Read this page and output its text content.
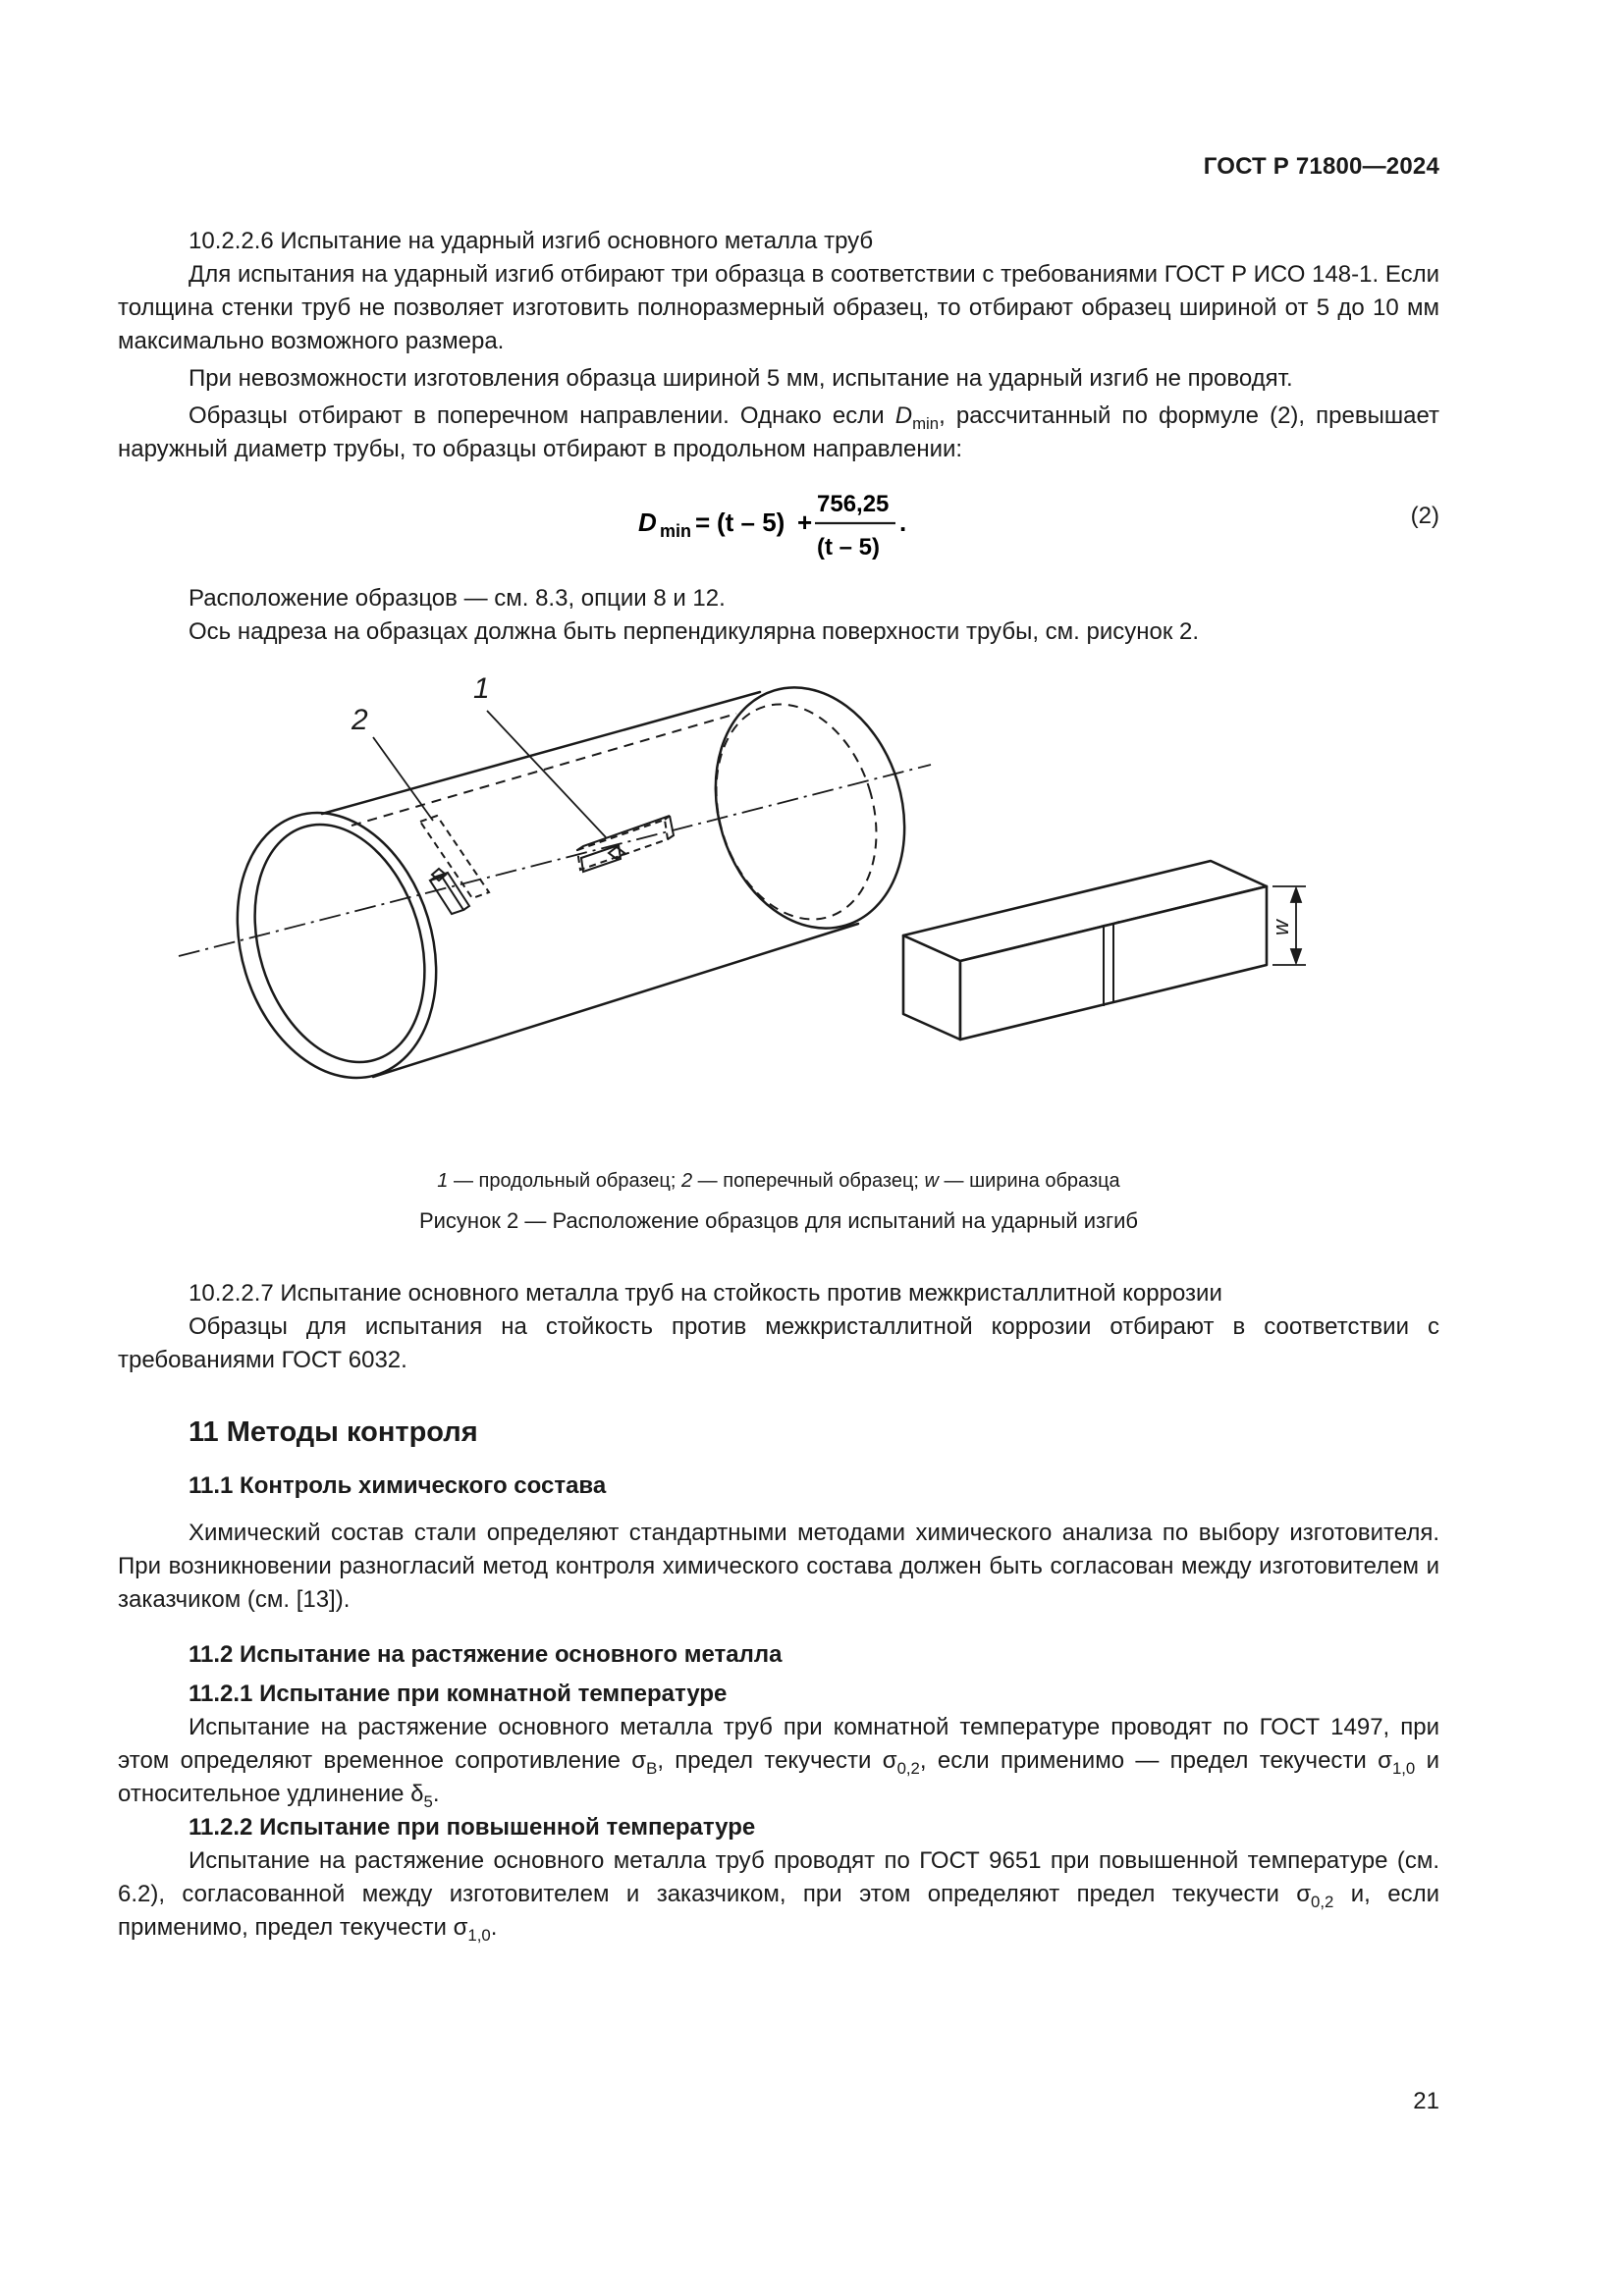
ГОСТ Р 71800—2024

10.2.2.6 Испытание на ударный изгиб основного металла труб

Для испытания на ударный изгиб отбирают три образца в соответствии с требованиями ГОСТ Р ИСО 148-1. Если толщина стенки труб не позволяет изготовить полноразмерный образец, то отбирают образец шириной от 5 до 10 мм максимально возможного размера.

При невозможности изготовления образца шириной 5 мм, испытание на ударный изгиб не проводят.

Образцы отбирают в поперечном направлении. Однако если $D_{min}$, рассчитанный по формуле (2), превышает наружный диаметр трубы, то образцы отбирают в продольном направлении:

D min = (t – 5) +
756,25
(t – 5)
.	(2)

Расположение образцов — см. 8.3, опции 8 и 12.

Ось надреза на образцах должна быть перпендикулярна поверхности трубы, см. рисунок 2.

1
2
w
1 — продольный образец; 2 — поперечный образец; w — ширина образца
Рисунок 2 — Расположение образцов для испытаний на ударный изгиб

10.2.2.7 Испытание основного металла труб на стойкость против межкристаллитной коррозии

Образцы для испытания на стойкость против межкристаллитной коррозии отбирают в соответствии с требованиями ГОСТ 6032.

11 Методы контроля
11.1 Контроль химического состава

Химический состав стали определяют стандартными методами химического анализа по выбору изготовителя. При возникновении разногласий метод контроля химического состава должен быть согласован между изготовителем и заказчиком (см. [13]).

11.2 Испытание на растяжение основного металла
11.2.1 Испытание при комнатной температуре

Испытание на растяжение основного металла труб при комнатной температуре проводят по ГОСТ 1497, при этом определяют временное сопротивление $\sigma_В$, предел текучести $\sigma_{0,2}$, если применимо — предел текучести $\sigma_{1,0}$ и относительное удлинение $\delta_5$.

11.2.2 Испытание при повышенной температуре

Испытание на растяжение основного металла труб проводят по ГОСТ 9651 при повышенной температуре (см. 6.2), согласованной между изготовителем и заказчиком, при этом определяют предел текучести $\sigma_{0,2}$ и, если применимо, предел текучести $\sigma_{1,0}$.

21
